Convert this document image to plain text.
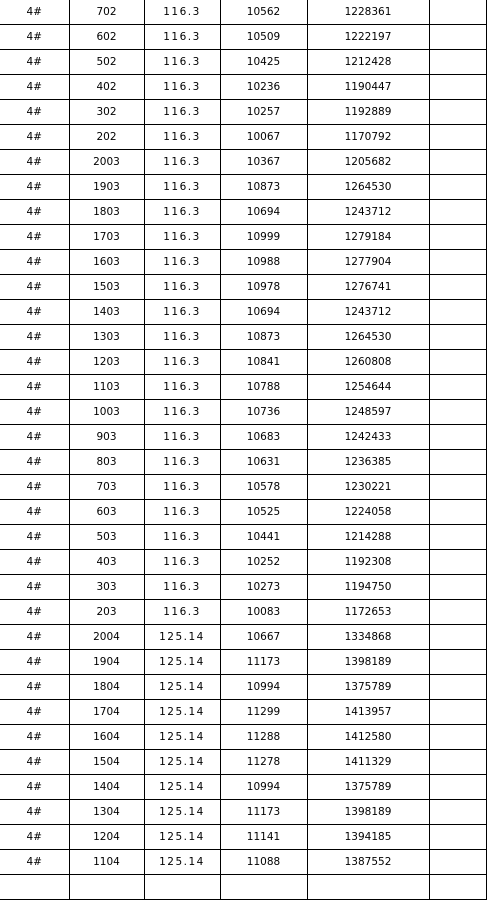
4#	702	116.3	10562	1228361	
4#	602	116.3	10509	1222197	
4#	502	116.3	10425	1212428	
4#	402	116.3	10236	1190447	
4#	302	116.3	10257	1192889	
4#	202	116.3	10067	1170792	
4#	2003	116.3	10367	1205682	
4#	1903	116.3	10873	1264530	
4#	1803	116.3	10694	1243712	
4#	1703	116.3	10999	1279184	
4#	1603	116.3	10988	1277904	
4#	1503	116.3	10978	1276741	
4#	1403	116.3	10694	1243712	
4#	1303	116.3	10873	1264530	
4#	1203	116.3	10841	1260808	
4#	1103	116.3	10788	1254644	
4#	1003	116.3	10736	1248597	
4#	903	116.3	10683	1242433	
4#	803	116.3	10631	1236385	
4#	703	116.3	10578	1230221	
4#	603	116.3	10525	1224058	
4#	503	116.3	10441	1214288	
4#	403	116.3	10252	1192308	
4#	303	116.3	10273	1194750	
4#	203	116.3	10083	1172653	
4#	2004	125.14	10667	1334868	
4#	1904	125.14	11173	1398189	
4#	1804	125.14	10994	1375789	
4#	1704	125.14	11299	1413957	
4#	1604	125.14	11288	1412580	
4#	1504	125.14	11278	1411329	
4#	1404	125.14	10994	1375789	
4#	1304	125.14	11173	1398189	
4#	1204	125.14	11141	1394185	
4#	1104	125.14	11088	1387552	
